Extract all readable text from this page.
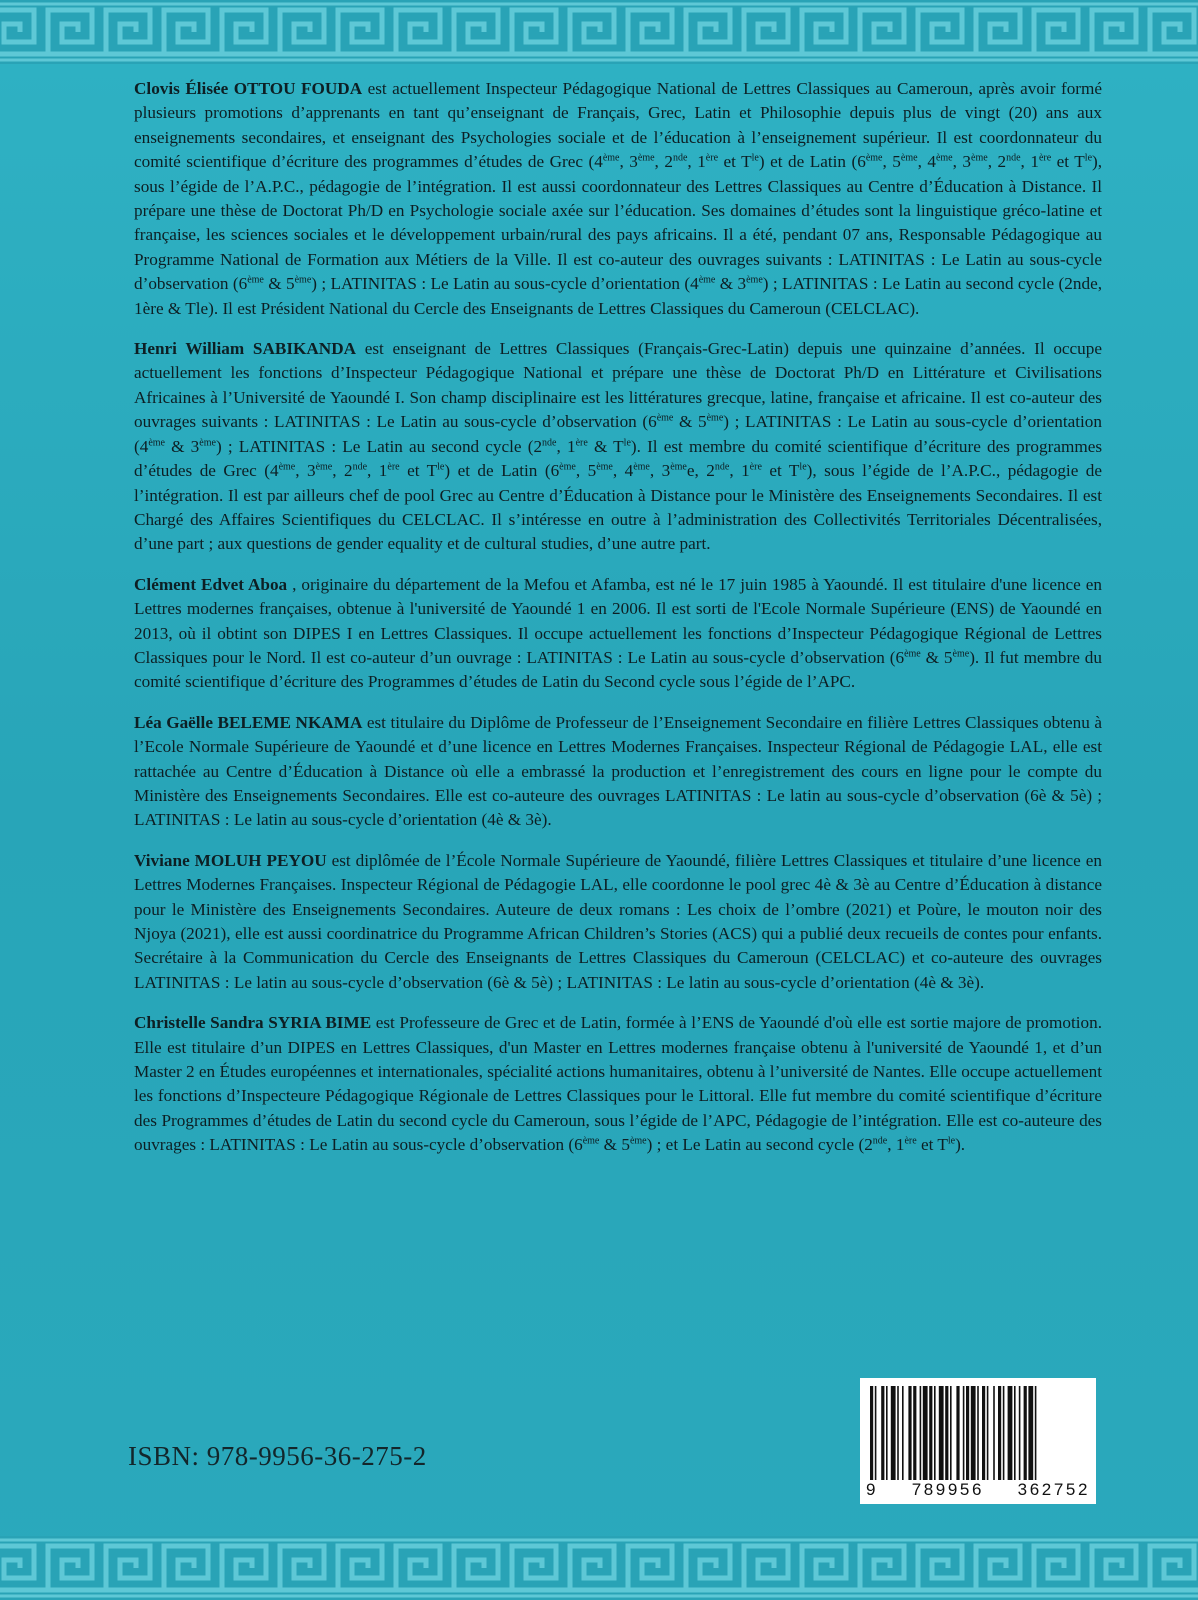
Clovis Élisée OTTOU FOUDA est actuellement Inspecteur Pédagogique National de Lettres Classiques au Cameroun, après avoir formé plusieurs promotions d’apprenants en tant qu’enseignant de Français, Grec, Latin et Philosophie depuis plus de vingt (20) ans aux enseignements secondaires, et enseignant des Psychologies sociale et de l’éducation à l’enseignement supérieur. Il est coordonnateur du comité scientifique d’écriture des programmes d’études de Grec (4ème, 3ème, 2nde, 1ère et $T^{le}$) et de Latin (6ème, 5ème, 4ème, 3ème, 2nde, 1ère et $T^{le}$), sous l’égide de l’A.P.C., pédagogie de l’intégration. Il est aussi coordonnateur des Lettres Classiques au Centre d’Éducation à Distance. Il prépare une thèse de Doctorat Ph/D en Psychologie sociale axée sur l’éducation. Ses domaines d’études sont la linguistique gréco-latine et française, les sciences sociales et le développement urbain/rural des pays africains. Il a été, pendant 07 ans, Responsable Pédagogique au Programme National de Formation aux Métiers de la Ville. Il est co-auteur des ouvrages suivants : LATINITAS : Le Latin au sous-cycle d’observation (6ème & 5ème) ; LATINITAS : Le Latin au sous-cycle d’orientation (4ème & 3ème) ; LATINITAS : Le Latin au second cycle (2nde, 1ère & Tle). Il est Président National du Cercle des Enseignants de Lettres Classiques du Cameroun (CELCLAC).

Henri William SABIKANDA est enseignant de Lettres Classiques (Français-Grec-Latin) depuis une quinzaine d’années. Il occupe actuellement les fonctions d’Inspecteur Pédagogique National et prépare une thèse de Doctorat Ph/D en Littérature et Civilisations Africaines à l’Université de Yaoundé I. Son champ disciplinaire est les littératures grecque, latine, française et africaine. Il est co-auteur des ouvrages suivants : LATINITAS : Le Latin au sous-cycle d’observation (6ème & 5ème) ; LATINITAS : Le Latin au sous-cycle d’orientation (4ème & 3ème) ; LATINITAS : Le Latin au second cycle (2nde, 1ère & $T^{le}$). Il est membre du comité scientifique d’écriture des programmes d’études de Grec (4ème, 3ème, 2nde, 1ère et $T^{le}$) et de Latin (6ème, 5ème, 4ème, 3èmee, 2nde, 1ère et $T^{le}$), sous l’égide de l’A.P.C., pédagogie de l’intégration. Il est par ailleurs chef de pool Grec au Centre d’Éducation à Distance pour le Ministère des Enseignements Secondaires. Il est Chargé des Affaires Scientifiques du CELCLAC. Il s’intéresse en outre à l’administration des Collectivités Territoriales Décentralisées, d’une part ; aux questions de gender equality et de cultural studies, d’une autre part.

Clément Edvet Aboa , originaire du département de la Mefou et Afamba, est né le 17 juin 1985 à Yaoundé. Il est titulaire d'une licence en Lettres modernes françaises, obtenue à l'université de Yaoundé 1 en 2006. Il est sorti de l'Ecole Normale Supérieure (ENS) de Yaoundé en 2013, où il obtint son DIPES I en Lettres Classiques. Il occupe actuellement les fonctions d’Inspecteur Pédagogique Régional de Lettres Classiques pour le Nord. Il est co-auteur d’un ouvrage : LATINITAS : Le Latin au sous-cycle d’observation (6ème & 5ème). Il fut membre du comité scientifique d’écriture des Programmes d’études de Latin du Second cycle sous l’égide de l’APC.

Léa Gaëlle BELEME NKAMA est titulaire du Diplôme de Professeur de l’Enseignement Secondaire en filière Lettres Classiques obtenu à l’Ecole Normale Supérieure de Yaoundé et d’une licence en Lettres Modernes Françaises. Inspecteur Régional de Pédagogie LAL, elle est rattachée au Centre d’Éducation à Distance où elle a embrassé la production et l’enregistrement des cours en ligne pour le compte du Ministère des Enseignements Secondaires. Elle est co-auteure des ouvrages LATINITAS : Le latin au sous-cycle d’observation (6è & 5è) ; LATINITAS : Le latin au sous-cycle d’orientation (4è & 3è).

Viviane MOLUH PEYOU est diplômée de l’École Normale Supérieure de Yaoundé, filière Lettres Classiques et titulaire d’une licence en Lettres Modernes Françaises. Inspecteur Régional de Pédagogie LAL, elle coordonne le pool grec 4è & 3è au Centre d’Éducation à distance pour le Ministère des Enseignements Secondaires. Auteure de deux romans : Les choix de l’ombre (2021) et Poùre, le mouton noir des Njoya (2021), elle est aussi coordinatrice du Programme African Children’s Stories (ACS) qui a publié deux recueils de contes pour enfants. Secrétaire à la Communication du Cercle des Enseignants de Lettres Classiques du Cameroun (CELCLAC) et co-auteure des ouvrages LATINITAS : Le latin au sous-cycle d’observation (6è & 5è) ; LATINITAS : Le latin au sous-cycle d’orientation (4è & 3è).

Christelle Sandra SYRIA BIME est Professeure de Grec et de Latin, formée à l’ENS de Yaoundé d'où elle est sortie majore de promotion. Elle est titulaire d’un DIPES en Lettres Classiques, d'un Master en Lettres modernes française obtenu à l'université de Yaoundé 1, et d’un Master 2 en Études européennes et internationales, spécialité actions humanitaires, obtenu à l’université de Nantes. Elle occupe actuellement les fonctions d’Inspecteure Pédagogique Régionale de Lettres Classiques pour le Littoral. Elle fut membre du comité scientifique d’écriture des Programmes d’études de Latin du second cycle du Cameroun, sous l’égide de l’APC, Pédagogie de l’intégration. Elle est co-auteure des ouvrages : LATINITAS : Le Latin au sous-cycle d’observation (6ème & 5ème) ; et Le Latin au second cycle (2nde, 1ère et $T^{le}$).

ISBN: 978-9956-36-275-2
9 789956 362752
